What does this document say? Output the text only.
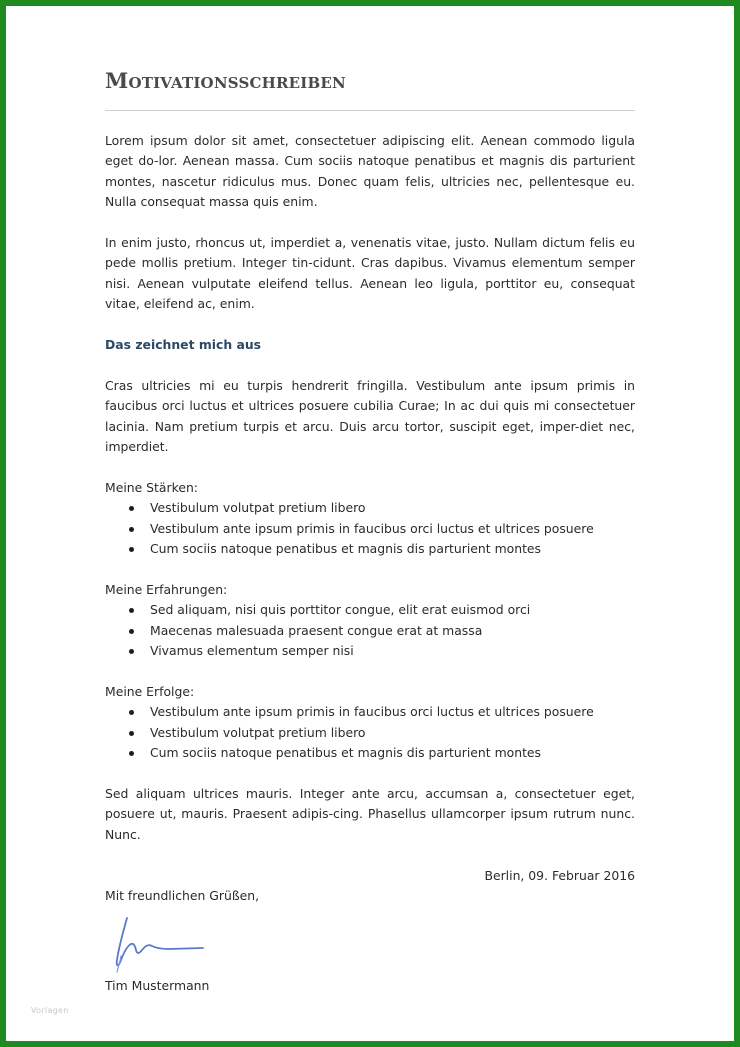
Motivationsschreiben

Lorem ipsum dolor sit amet, consectetuer adipiscing elit. Aenean commodo ligula eget do-lor. Aenean massa. Cum sociis natoque penatibus et magnis dis parturient montes, nascetur ridiculus mus. Donec quam felis, ultricies nec, pellentesque eu. Nulla consequat massa quis enim.

In enim justo, rhoncus ut, imperdiet a, venenatis vitae, justo. Nullam dictum felis eu pede mollis pretium. Integer tin-cidunt. Cras dapibus. Vivamus elementum semper nisi. Aenean vulputate eleifend tellus. Aenean leo ligula, porttitor eu, consequat vitae, eleifend ac, enim.

Das zeichnet mich aus

Cras ultricies mi eu turpis hendrerit fringilla. Vestibulum ante ipsum primis in faucibus orci luctus et ultrices posuere cubilia Curae; In ac dui quis mi consectetuer lacinia. Nam pretium turpis et arcu. Duis arcu tortor, suscipit eget, imper-diet nec, imperdiet.

Meine Stärken:
Vestibulum volutpat pretium libero
Vestibulum ante ipsum primis in faucibus orci luctus et ultrices posuere
Cum sociis natoque penatibus et magnis dis parturient montes
Meine Erfahrungen:
Sed aliquam, nisi quis porttitor congue, elit erat euismod orci
Maecenas malesuada praesent congue erat at massa
Vivamus elementum semper nisi
Meine Erfolge:
Vestibulum ante ipsum primis in faucibus orci luctus et ultrices posuere
Vestibulum volutpat pretium libero
Cum sociis natoque penatibus et magnis dis parturient montes

Sed aliquam ultrices mauris. Integer ante arcu, accumsan a, consectetuer eget, posuere ut, mauris. Praesent adipis-cing. Phasellus ullamcorper ipsum rutrum nunc. Nunc.

Berlin, 09. Februar 2016
Mit freundlichen Grüßen,
Tim Mustermann
Vorlagen
